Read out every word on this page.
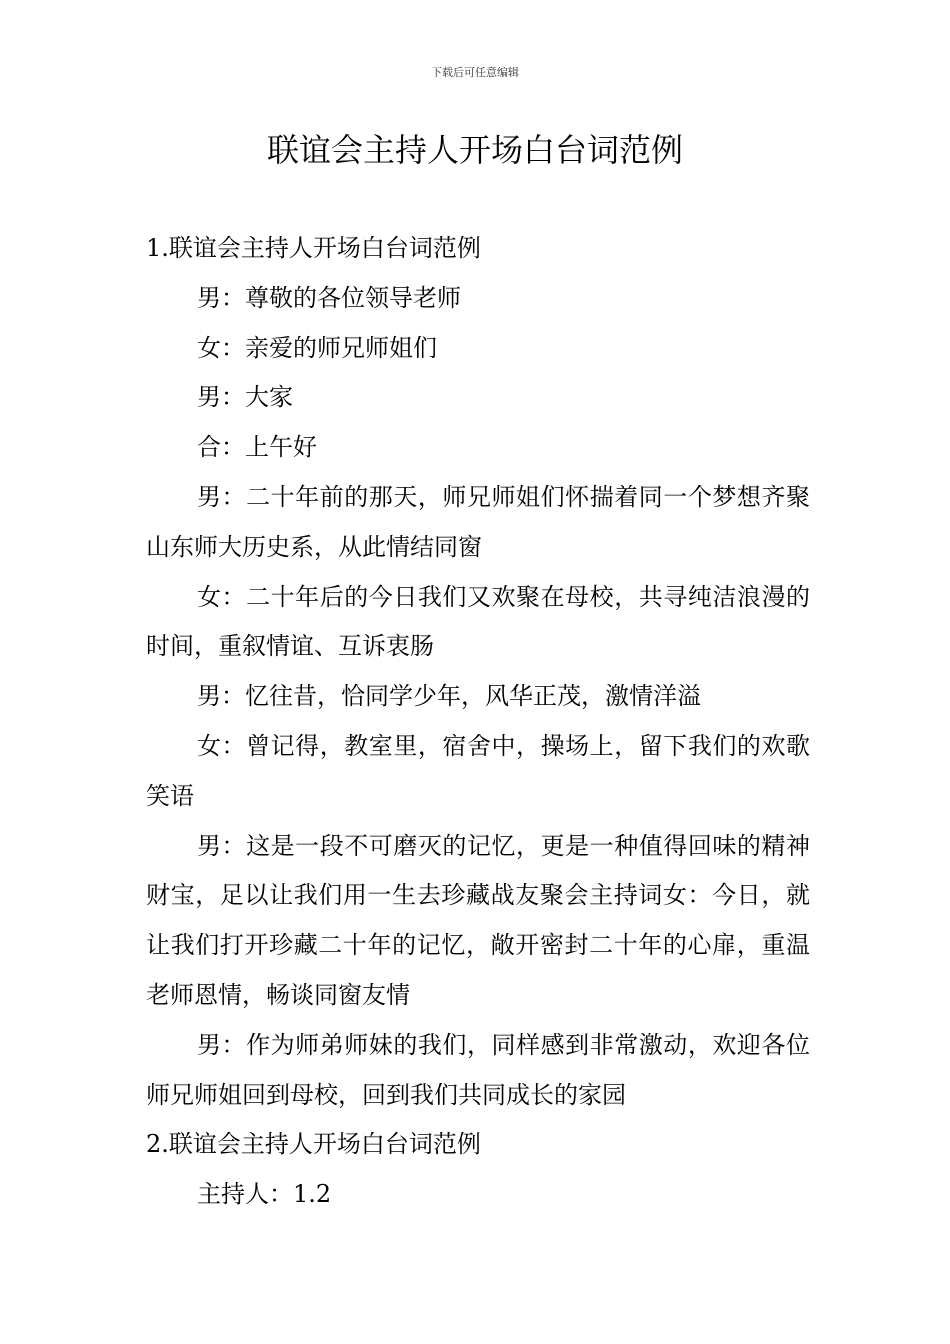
下载后可任意编辑
联谊会主持人开场白台词范例

1.联谊会主持人开场白台词范例

男：尊敬的各位领导老师

女：亲爱的师兄师姐们

男：大家

合：上午好

男：二十年前的那天，师兄师姐们怀揣着同一个梦想齐聚山东师大历史系，从此情结同窗

女：二十年后的今日我们又欢聚在母校，共寻纯洁浪漫的时间，重叙情谊、互诉衷肠

男：忆往昔，恰同学少年，风华正茂，激情洋溢

女：曾记得，教室里，宿舍中，操场上，留下我们的欢歌笑语

男：这是一段不可磨灭的记忆，更是一种值得回味的精神财宝，足以让我们用一生去珍藏战友聚会主持词女：今日，就让我们打开珍藏二十年的记忆，敞开密封二十年的心扉，重温老师恩情，畅谈同窗友情

男：作为师弟师妹的我们，同样感到非常激动，欢迎各位师兄师姐回到母校，回到我们共同成长的家园

2.联谊会主持人开场白台词范例

主持人：1.2
